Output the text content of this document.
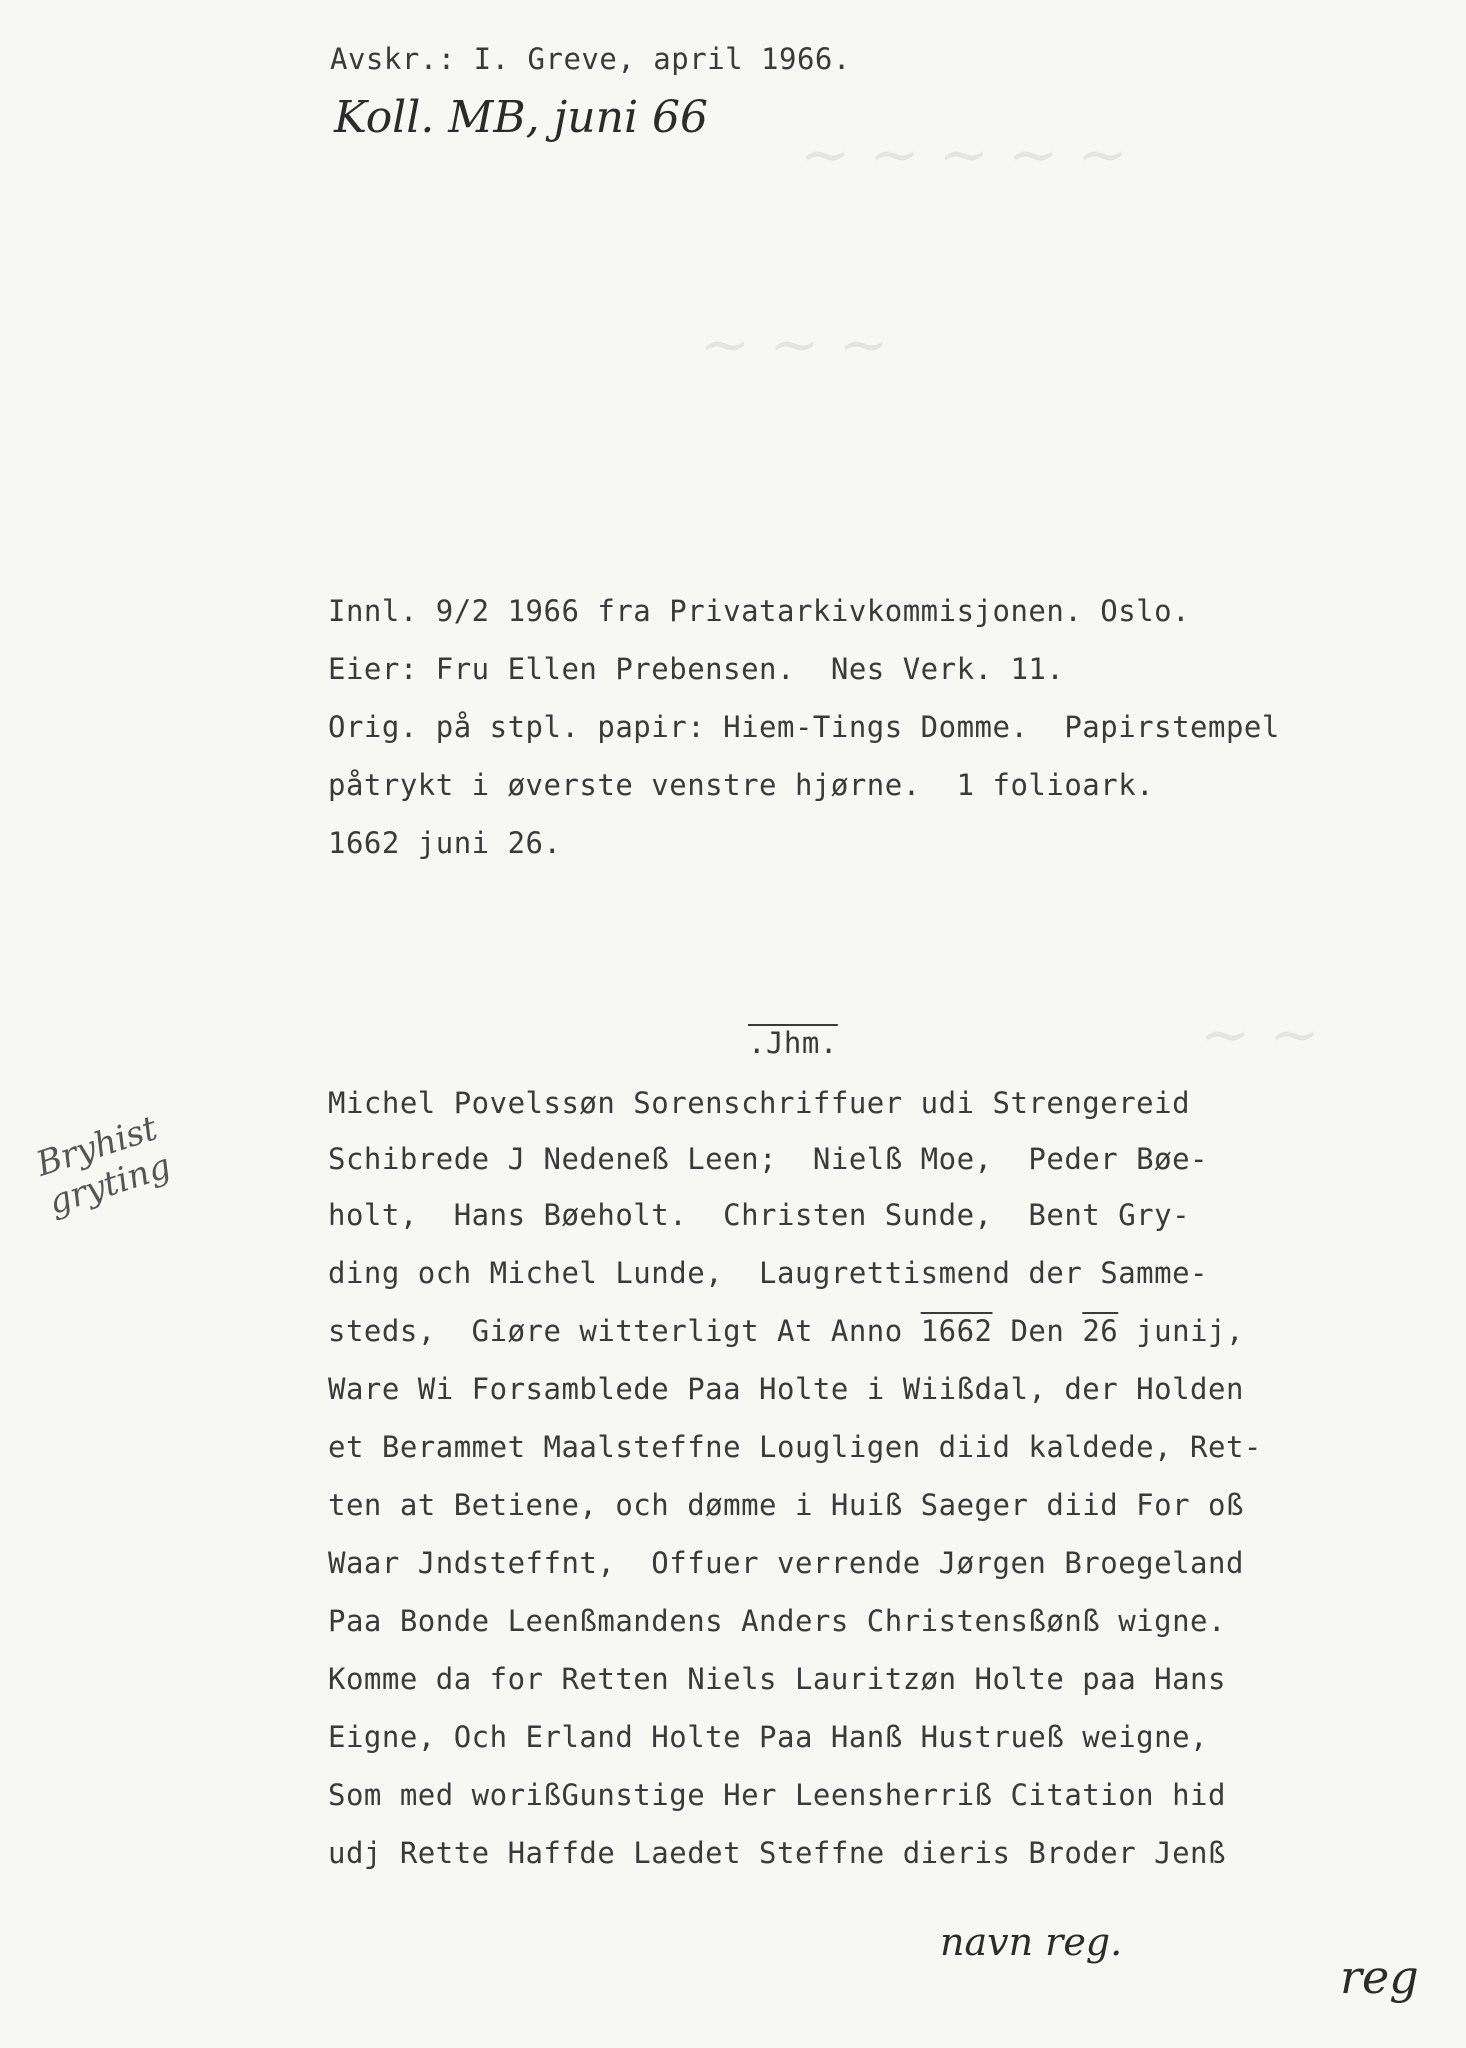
Avskr.: I. Greve, april 1966.
Koll. MB, juni 66
~ ~ ~ ~ ~
~ ~ ~
~ ~
Innl. 9/2 1966 fra Privatarkivkommisjonen. Oslo.
Eier: Fru Ellen Prebensen.  Nes Verk. 11.
Orig. på stpl. papir: Hiem-Tings Domme.  Papirstempel
påtrykt i øverste venstre hjørne.  1 folioark.
1662 juni 26.
.Jhm.
Bryhist gryting
Michel Povelssøn Sorenschriffuer udi Strengereid
Schibrede J Nedeneß Leen;  Nielß Moe,  Peder Bøe-
holt,  Hans Bøeholt.  Christen Sunde,  Bent Gry-
ding och Michel Lunde,  Laugrettismend der Samme-
steds,  Giøre witterligt At Anno 1662 Den 26 junij,
Ware Wi Forsamblede Paa Holte i Wiißdal, der Holden
et Berammet Maalsteffne Lougligen diid kaldede, Ret-
ten at Betiene, och dømme i Huiß Saeger diid For oß
Waar Jndsteffnt,  Offuer verrende Jørgen Broegeland
Paa Bonde Leenßmandens Anders Christensßønß wigne.
Komme da for Retten Niels Lauritzøn Holte paa Hans
Eigne, Och Erland Holte Paa Hanß Hustrueß weigne,
Som med worißGunstige Her Leensherriß Citation hid
udj Rette Haffde Laedet Steffne dieris Broder Jenß
navn reg.
reg
